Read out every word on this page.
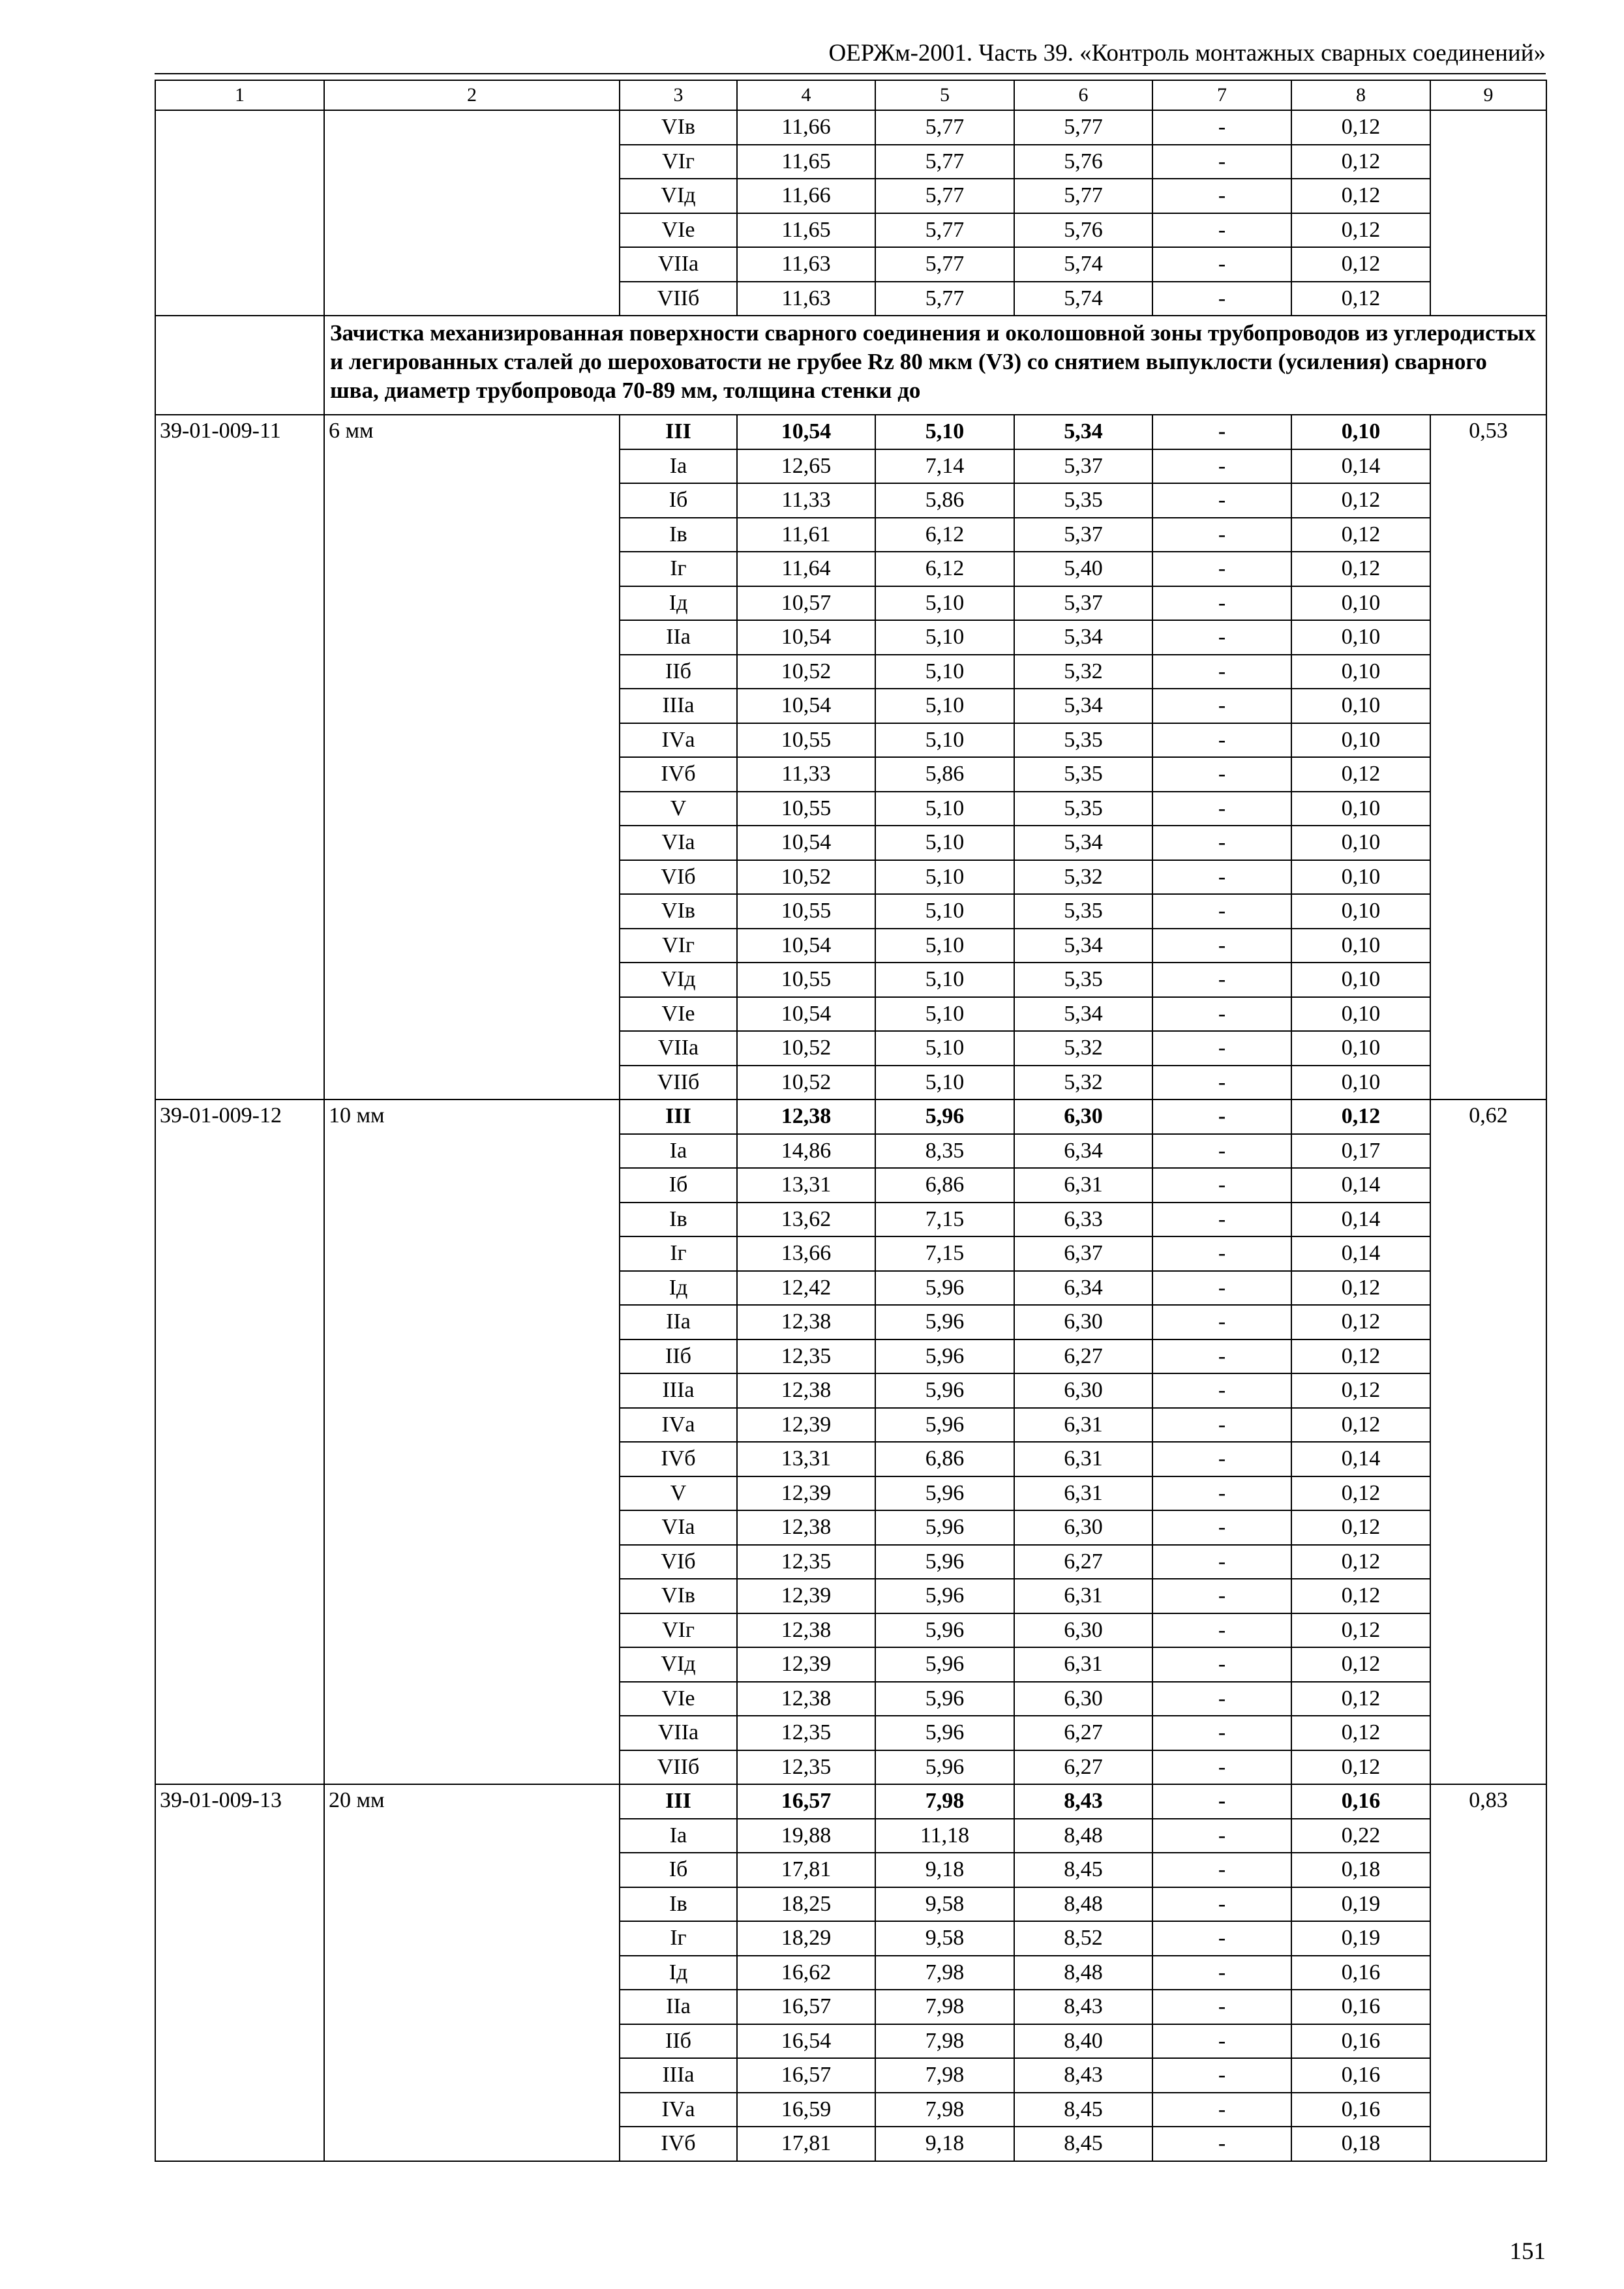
ОЕРЖм-2001. Часть 39. «Контроль монтажных сварных соединений»
1	2	3	4	5	6	7	8	9
		VIв	11,66	5,77	5,77	-	0,12	
		VIг	11,65	5,77	5,76	-	0,12	
		VIд	11,66	5,77	5,77	-	0,12	
		VIе	11,65	5,77	5,76	-	0,12	
		VIIа	11,63	5,77	5,74	-	0,12	
		VIIб	11,63	5,77	5,74	-	0,12	
	Зачистка механизированная поверхности сварного соединения и околошовной зоны трубопроводов из углеродистых и легированных сталей до шероховатости не грубее Rz 80 мкм (V3) со снятием выпуклости (усиления) сварного шва, диаметр трубопровода 70-89 мм, толщина стенки до							
39-01-009-11	6 мм	III	10,54	5,10	5,34	-	0,10	0,53
		Iа	12,65	7,14	5,37	-	0,14	
		Iб	11,33	5,86	5,35	-	0,12	
		Iв	11,61	6,12	5,37	-	0,12	
		Iг	11,64	6,12	5,40	-	0,12	
		Iд	10,57	5,10	5,37	-	0,10	
		IIа	10,54	5,10	5,34	-	0,10	
		IIб	10,52	5,10	5,32	-	0,10	
		IIIа	10,54	5,10	5,34	-	0,10	
		IVа	10,55	5,10	5,35	-	0,10	
		IVб	11,33	5,86	5,35	-	0,12	
		V	10,55	5,10	5,35	-	0,10	
		VIа	10,54	5,10	5,34	-	0,10	
		VIб	10,52	5,10	5,32	-	0,10	
		VIв	10,55	5,10	5,35	-	0,10	
		VIг	10,54	5,10	5,34	-	0,10	
		VIд	10,55	5,10	5,35	-	0,10	
		VIе	10,54	5,10	5,34	-	0,10	
		VIIа	10,52	5,10	5,32	-	0,10	
		VIIб	10,52	5,10	5,32	-	0,10	
39-01-009-12	10 мм	III	12,38	5,96	6,30	-	0,12	0,62
		Iа	14,86	8,35	6,34	-	0,17	
		Iб	13,31	6,86	6,31	-	0,14	
		Iв	13,62	7,15	6,33	-	0,14	
		Iг	13,66	7,15	6,37	-	0,14	
		Iд	12,42	5,96	6,34	-	0,12	
		IIа	12,38	5,96	6,30	-	0,12	
		IIб	12,35	5,96	6,27	-	0,12	
		IIIа	12,38	5,96	6,30	-	0,12	
		IVа	12,39	5,96	6,31	-	0,12	
		IVб	13,31	6,86	6,31	-	0,14	
		V	12,39	5,96	6,31	-	0,12	
		VIа	12,38	5,96	6,30	-	0,12	
		VIб	12,35	5,96	6,27	-	0,12	
		VIв	12,39	5,96	6,31	-	0,12	
		VIг	12,38	5,96	6,30	-	0,12	
		VIд	12,39	5,96	6,31	-	0,12	
		VIе	12,38	5,96	6,30	-	0,12	
		VIIа	12,35	5,96	6,27	-	0,12	
		VIIб	12,35	5,96	6,27	-	0,12	
39-01-009-13	20 мм	III	16,57	7,98	8,43	-	0,16	0,83
		Iа	19,88	11,18	8,48	-	0,22	
		Iб	17,81	9,18	8,45	-	0,18	
		Iв	18,25	9,58	8,48	-	0,19	
		Iг	18,29	9,58	8,52	-	0,19	
		Iд	16,62	7,98	8,48	-	0,16	
		IIа	16,57	7,98	8,43	-	0,16	
		IIб	16,54	7,98	8,40	-	0,16	
		IIIа	16,57	7,98	8,43	-	0,16	
		IVа	16,59	7,98	8,45	-	0,16	
		IVб	17,81	9,18	8,45	-	0,18	
151
